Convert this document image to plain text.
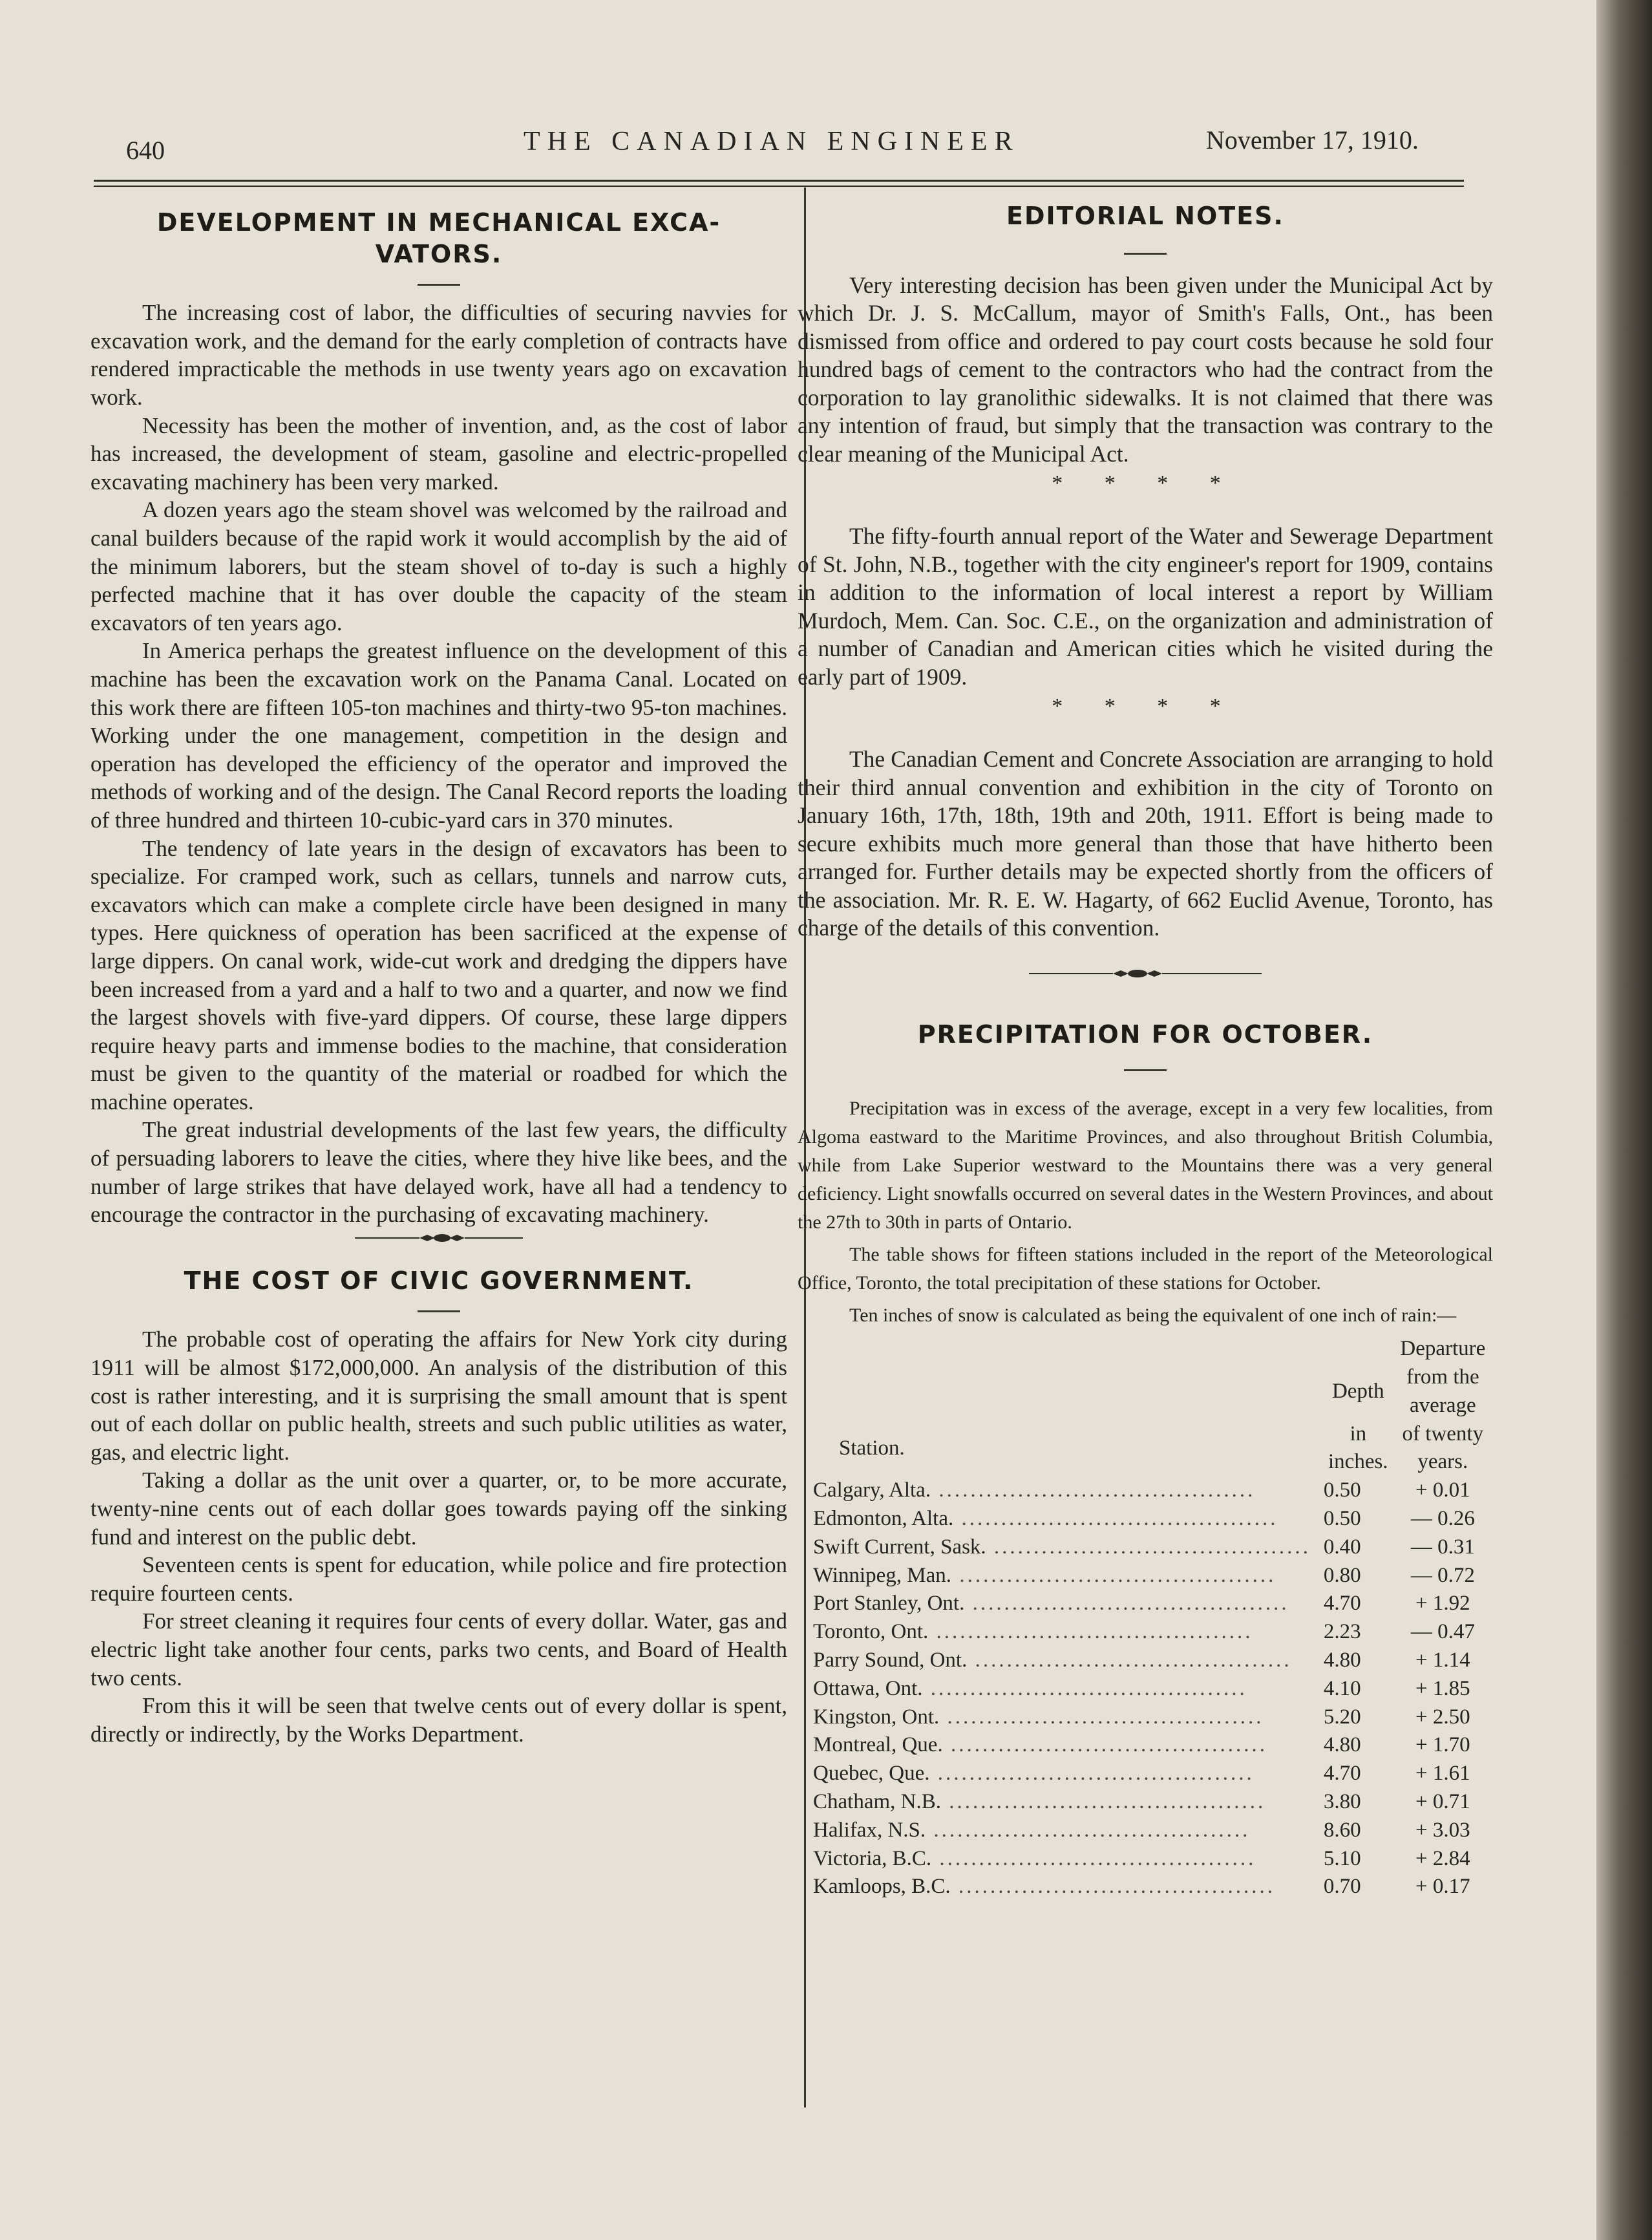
640	THE CANADIAN ENGINEER	November 17, 1910.
DEVELOPMENT IN MECHANICAL EXCA- VATORS.

The increasing cost of labor, the difficulties of securing navvies for excavation work, and the demand for the early completion of contracts have rendered impracticable the methods in use twenty years ago on excavation work.

Necessity has been the mother of invention, and, as the cost of labor has increased, the development of steam, gasoline and electric-propelled excavating machinery has been very marked.

A dozen years ago the steam shovel was welcomed by the railroad and canal builders because of the rapid work it would accomplish by the aid of the minimum laborers, but the steam shovel of to-day is such a highly perfected machine that it has over double the capacity of the steam excavators of ten years ago.

In America perhaps the greatest influence on the development of this machine has been the excavation work on the Panama Canal. Located on this work there are fifteen 105-ton machines and thirty-two 95-ton machines. Working under the one management, competition in the design and operation has developed the efficiency of the operator and improved the methods of working and of the design. The Canal Record reports the loading of three hundred and thirteen 10-cubic-yard cars in 370 minutes.

The tendency of late years in the design of excavators has been to specialize. For cramped work, such as cellars, tunnels and narrow cuts, excavators which can make a complete circle have been designed in many types. Here quickness of operation has been sacrificed at the expense of large dippers. On canal work, wide-cut work and dredging the dippers have been increased from a yard and a half to two and a quarter, and now we find the largest shovels with five-yard dippers. Of course, these large dippers require heavy parts and immense bodies to the machine, that consideration must be given to the quantity of the material or roadbed for which the machine operates.

The great industrial developments of the last few years, the difficulty of persuading laborers to leave the cities, where they hive like bees, and the number of large strikes that have delayed work, have all had a tendency to encourage the contractor in the purchasing of excavating machinery.

THE COST OF CIVIC GOVERNMENT.

The probable cost of operating the affairs for New York city during 1911 will be almost $172,000,000. An analysis of the distribution of this cost is rather interesting, and it is surprising the small amount that is spent out of each dollar on public health, streets and such public utilities as water, gas, and electric light.

Taking a dollar as the unit over a quarter, or, to be more accurate, twenty-nine cents out of each dollar goes towards paying off the sinking fund and interest on the public debt.

Seventeen cents is spent for education, while police and fire protection require fourteen cents.

For street cleaning it requires four cents of every dollar. Water, gas and electric light take another four cents, parks two cents, and Board of Health two cents.

From this it will be seen that twelve cents out of every dollar is spent, directly or indirectly, by the Works Department.

EDITORIAL NOTES.

Very interesting decision has been given under the Municipal Act by which Dr. J. S. McCallum, mayor of Smith's Falls, Ont., has been dismissed from office and ordered to pay court costs because he sold four hundred bags of cement to the contractors who had the contract from the corporation to lay granolithic sidewalks. It is not claimed that there was any intention of fraud, but simply that the transaction was contrary to the clear meaning of the Municipal Act.

* * * *

The fifty-fourth annual report of the Water and Sewerage Department of St. John, N.B., together with the city engineer's report for 1909, contains in addition to the information of local interest a report by William Murdoch, Mem. Can. Soc. C.E., on the organization and administration of a number of Canadian and American cities which he visited during the early part of 1909.

* * * *

The Canadian Cement and Concrete Association are arranging to hold their third annual convention and exhibition in the city of Toronto on January 16th, 17th, 18th, 19th and 20th, 1911. Effort is being made to secure exhibits much more general than those that have hitherto been arranged for. Further details may be expected shortly from the officers of the association. Mr. R. E. W. Hagarty, of 662 Euclid Avenue, Toronto, has charge of the details of this convention.

PRECIPITATION FOR OCTOBER.

Precipitation was in excess of the average, except in a very few localities, from Algoma eastward to the Maritime Provinces, and also throughout British Columbia, while from Lake Superior westward to the Mountains there was a very general deficiency. Light snowfalls occurred on several dates in the Western Provinces, and about the 27th to 30th in parts of Ontario.

The table shows for fifteen stations included in the report of the Meteorological Office, Toronto, the total precipitation of these stations for October.

Ten inches of snow is calculated as being the equivalent of one inch of rain:—

		Departure
	Depth	from the average
Station.	in inches.	of twenty years.
Calgary, Alta. ........................................	0.50	+ 0.01
Edmonton, Alta. ........................................	0.50	— 0.26
Swift Current, Sask. ........................................	0.40	— 0.31
Winnipeg, Man. ........................................	0.80	— 0.72
Port Stanley, Ont. ........................................	4.70	+ 1.92
Toronto, Ont. ........................................	2.23	— 0.47
Parry Sound, Ont. ........................................	4.80	+ 1.14
Ottawa, Ont. ........................................	4.10	+ 1.85
Kingston, Ont. ........................................	5.20	+ 2.50
Montreal, Que. ........................................	4.80	+ 1.70
Quebec, Que. ........................................	4.70	+ 1.61
Chatham, N.B. ........................................	3.80	+ 0.71
Halifax, N.S. ........................................	8.60	+ 3.03
Victoria, B.C. ........................................	5.10	+ 2.84
Kamloops, B.C. ........................................	0.70	+ 0.17
